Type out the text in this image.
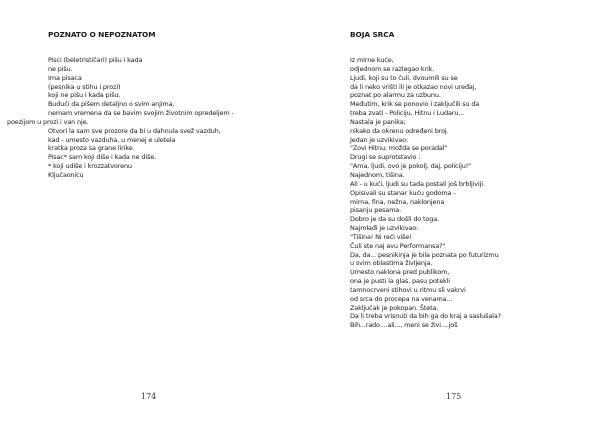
POZNATO O NEPOZNATOM
Pisci (beletrističari) pišu i kada
ne pišu.
Ima pisaca
(pesnika u stihu i prozi)
koji ne pišu i kada pišu.
Budući da pišem detaljno o svim anjima,
nemam vremena da se bavim svojim životnim opredeljem -
poezijom u prozi i van nje.
Otvori la sam sve prozore da bi u dahnula svež vazduh,
kad - umesto vazduha, u menej e uletela
kratka proza sa grane lirike.
Pisac* sam koji diše i kada ne diše.
* koji udiše i krozzatvorenu
Ključaonicu
174
BOJA SRCA
Iz mirne kuće,
odjednom se razlegao krik.
Ljudi, koji su to čuli, dvoumili su se
da li neko vrišti ili je otkazao novi uređaj,
poznat po alarmu za uzbunu.
Međutim, krik se ponovio i zaključili su da
treba zvati - Policiju, Hitnu i Ludaru...
Nastala je panika;
nikako da okrenu određeni broj.
Jedan je uzvikivao:
"Zovi Hitnu, možda se poradal"
Drugi se suprotstavio :
"Ama, ljudi, ovo je pokolj, daj, policiju!"
Najednom, tišina.
Ali - u kući, ljudi su tada postali još brbljiviji.
Opisivali su stanar kuću godoma -
mirna, fina, nežna, naklonjena
pisanju pesama.
Dobro je da su došli do toga.
Najmlađi je uzvikivao:
"Tišina! Ni reči više!
Čuli ste naj avu Performansa?"
Da, da... pesnikinja je bila poznata po futurizmu
u svim oblastima življenja.
Umesto naklona pred publikom,
ona je pusti la glas, pasu potekli
tamnocrveni stihovi u ritmu sli vakrvi
od srca do procepa na venama...
Zaključak je pokopan. Šteta.
Da li treba vrisnuti da bih ga do kraj a saslušala?
Bih...rado....ali..., meni se živi....još
175
